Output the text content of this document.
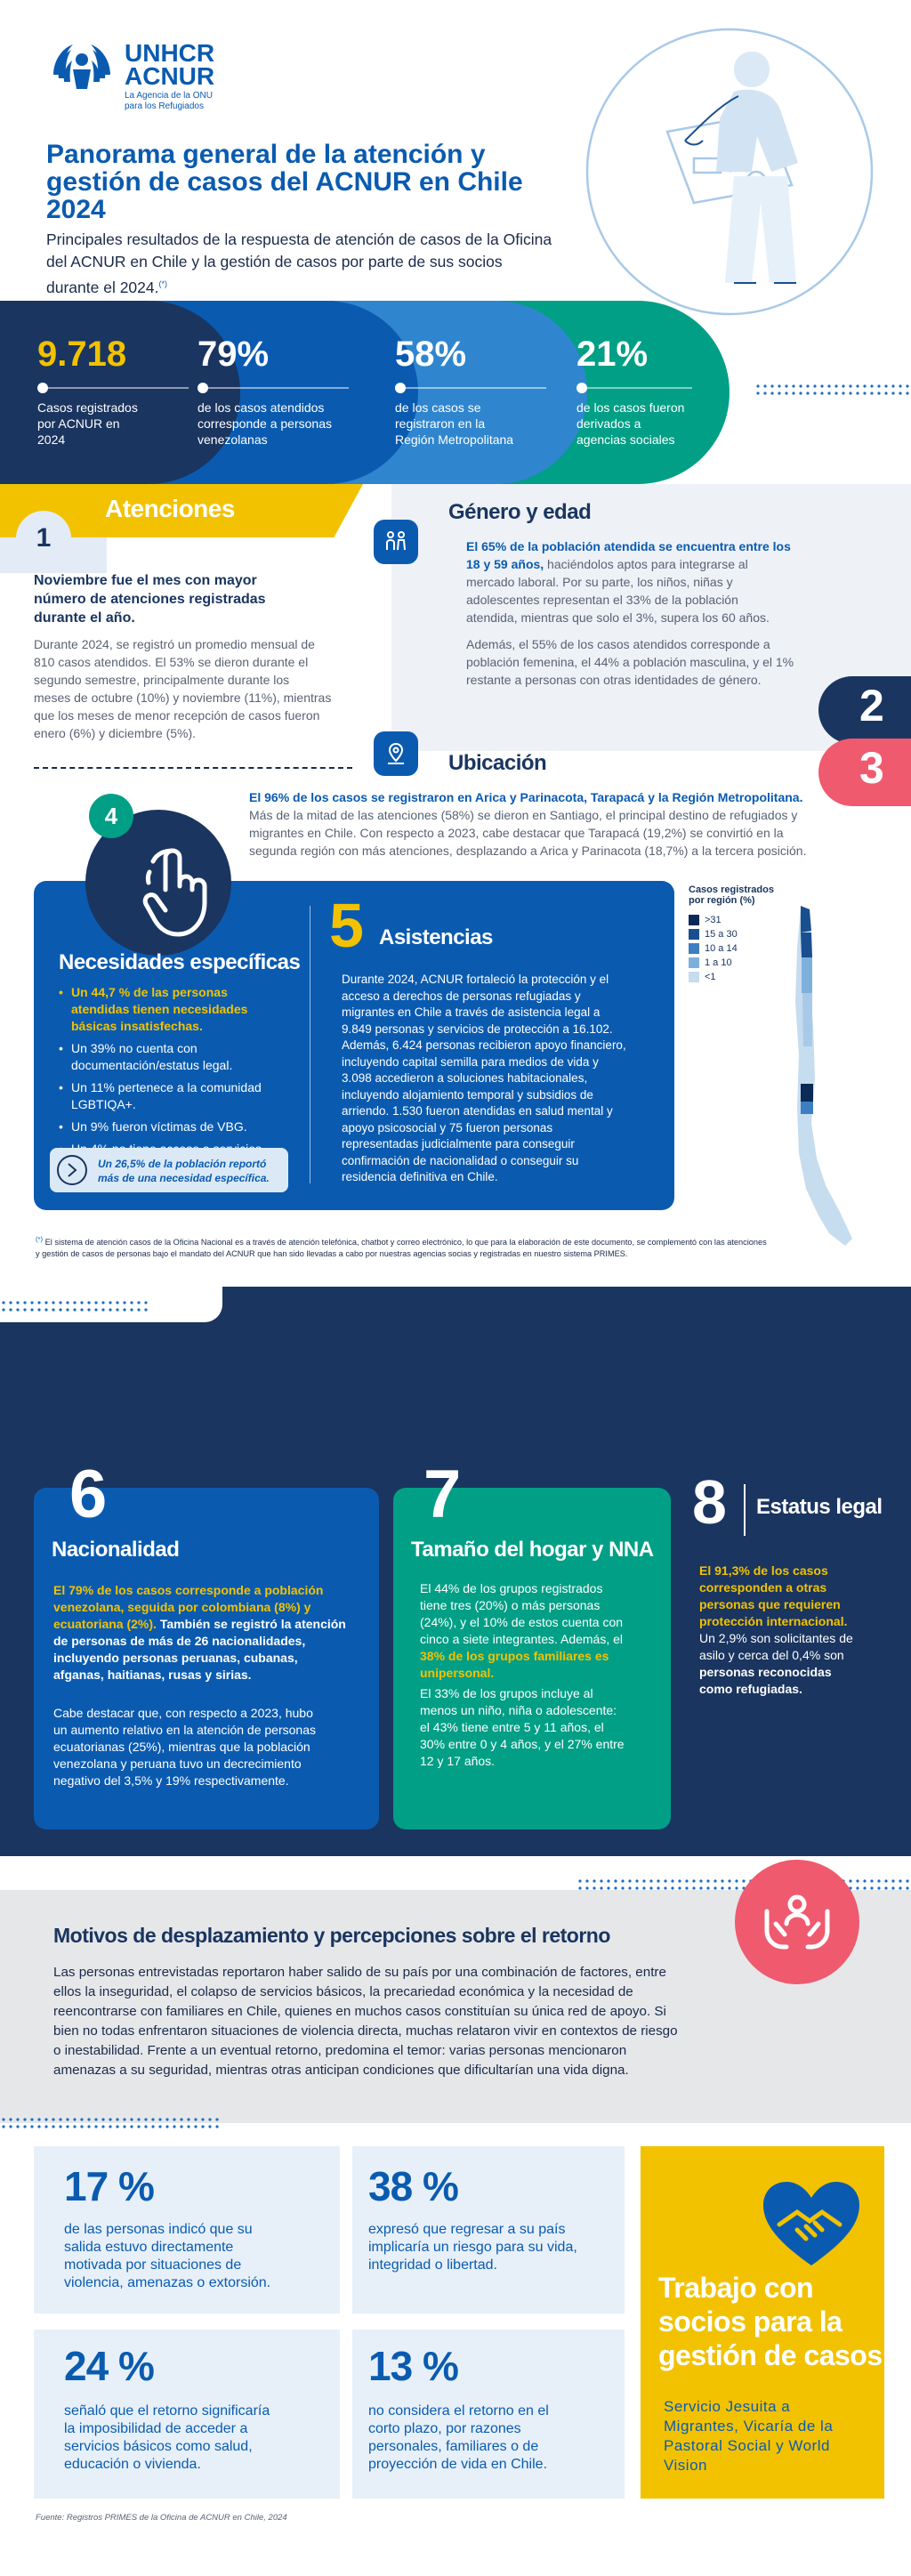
UNHCR
ACNUR
La Agencia de la ONU
para los Refugiados
Panorama general de la atención y
gestión de casos del ACNUR en Chile
2024
Principales resultados de la respuesta de atención de casos de la Oficina
del ACNUR en Chile y la gestión de casos por parte de sus socios
durante el 2024.(*)
9.718
Casos registrados
por ACNUR en
2024
79%
de los casos atendidos
corresponde a personas
venezolanas
58%
de los casos se
registraron en la
Región Metropolitana
21%
de los casos fueron
derivados a
agencias sociales
1
Atenciones
Noviembre fue el mes con mayor
número de atenciones registradas
durante el año.
Durante 2024, se registró un promedio mensual de
810 casos atendidos. El 53% se dieron durante el
segundo semestre, principalmente durante los
meses de octubre (10%) y noviembre (11%), mientras
que los meses de menor recepción de casos fueron
enero (6%) y diciembre (5%).
Género y edad
El 65% de la población atendida se encuentra entre los
18 y 59 años, haciéndolos aptos para integrarse al
mercado laboral. Por su parte, los niños, niñas y
adolescentes representan el 33% de la población
atendida, mientras que solo el 3%, supera los 60 años.
Además, el 55% de los casos atendidos corresponde a
población femenina, el 44% a población masculina, y el 1%
restante a personas con otras identidades de género.
2
Ubicación	3
El 96% de los casos se registraron en Arica y Parinacota, Tarapacá y la Región Metropolitana.
Más de la mitad de las atenciones (58%) se dieron en Santiago, el principal destino de refugiados y
migrantes en Chile. Con respecto a 2023, cabe destacar que Tarapacá (19,2%) se convirtió en la
segunda región con más atenciones, desplazando a Arica y Parinacota (18,7%) a la tercera posición.
Casos registrados
por región (%)
>31
15 a 30
10 a 14
1 a 10
<1
4
Necesidades específicas
• Un 44,7 % de las personas
atendidas tienen necesidades
básicas insatisfechas.
• Un 39% no cuenta con
documentación/estatus legal.
• Un 11% pertenece a la comunidad
LGBTIQA+.
• Un 9% fueron víctimas de VBG.
•
Un 26,5% de la población reportó
más de una necesidad específica.
5 Asistencias
Durante 2024, ACNUR fortaleció la protección y el
acceso a derechos de personas refugiadas y
migrantes en Chile a través de asistencia legal a
9.849 personas y servicios de protección a 16.102.
Además, 6.424 personas recibieron apoyo financiero,
incluyendo capital semilla para medios de vida y
3.098 accedieron a soluciones habitacionales,
incluyendo alojamiento temporal y subsidios de
arriendo. 1.530 fueron atendidas en salud mental y
apoyo psicosocial y 75 fueron personas
representadas judicialmente para conseguir
confirmación de nacionalidad o conseguir su
residencia definitiva en Chile.
(*) El sistema de atención casos de la Oficina Nacional es a través de atención telefónica, chatbot y correo electrónico, lo que para la elaboración de este documento, se complementó con las atenciones
y gestión de casos de personas bajo el mandato del ACNUR que han sido llevadas a cabo por nuestras agencias socias y registradas en nuestro sistema PRIMES.
6
Nacionalidad
El 79% de los casos corresponde a población
venezolana, seguida por colombiana (8%) y
ecuatoriana (2%). También se registró la atención
de personas de más de 26 nacionalidades,
incluyendo personas peruanas, cubanas,
afganas, haitianas, rusas y sirias.
Cabe destacar que, con respecto a 2023, hubo
un aumento relativo en la atención de personas
ecuatorianas (25%), mientras que la población
venezolana y peruana tuvo un decrecimiento
negativo del 3,5% y 19% respectivamente.
7
Tamaño del hogar y NNA
El 44% de los grupos registrados
tiene tres (20%) o más personas
(24%), y el 10% de estos cuenta con
cinco a siete integrantes. Además, el
38% de los grupos familiares es
unipersonal.
El 33% de los grupos incluye al
menos un niño, niña o adolescente:
el 43% tiene entre 5 y 11 años, el
30% entre 0 y 4 años, y el 27% entre
12 y 17 años.
8 Estatus legal
El 91,3% de los casos
corresponden a otras
personas que requieren
protección internacional.
Un 2,9% son solicitantes de
asilo y cerca del 0,4% son
personas reconocidas
como refugiadas.
Motivos de desplazamiento y percepciones sobre el retorno
Las personas entrevistadas reportaron haber salido de su país por una combinación de factores, entre
ellos la inseguridad, el colapso de servicios básicos, la precariedad económica y la necesidad de
reencontrarse con familiares en Chile, quienes en muchos casos constituían su única red de apoyo. Si
bien no todas enfrentaron situaciones de violencia directa, muchas relataron vivir en contextos de riesgo
o inestabilidad. Frente a un eventual retorno, predomina el temor: varias personas mencionaron
amenazas a su seguridad, mientras otras anticipan condiciones que dificultarían una vida digna.
17 %
de las personas indicó que su
salida estuvo directamente
motivada por situaciones de
violencia, amenazas o extorsión.
38 %
expresó que regresar a su país
implicaría un riesgo para su vida,
integridad o libertad.
24 %
señaló que el retorno significaría
la imposibilidad de acceder a
servicios básicos como salud,
educación o vivienda.
13 %
no considera el retorno en el
corto plazo, por razones
personales, familiares o de
proyección de vida en Chile.
Trabajo con
socios para la
gestión de casos
Servicio Jesuita a
Migrantes, Vicaría de la
Pastoral Social y World
Vision
Fuente: Registros PRIMES de la Oficina de ACNUR en Chile, 2024
